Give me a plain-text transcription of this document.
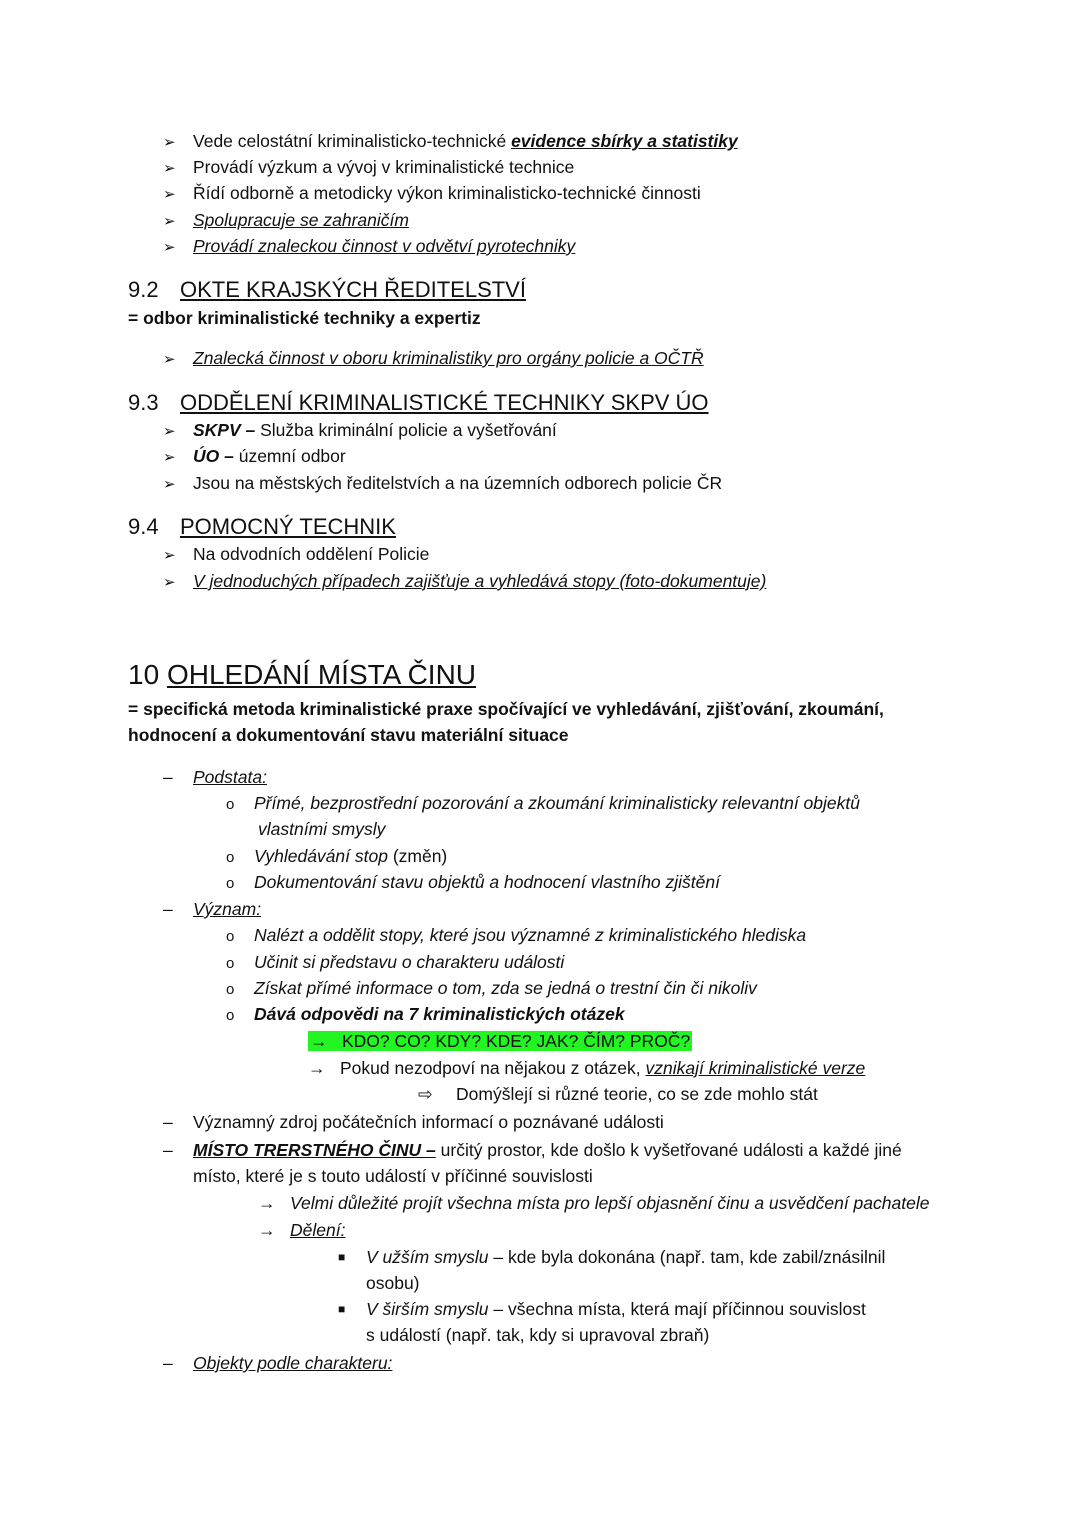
➢ Vede celostátní kriminalisticko-technické evidence sbírky a statistiky
➢ Provádí výzkum a vývoj v kriminalistické technice
➢ Řídí odborně a metodicky výkon kriminalisticko-technické činnosti
➢ Spolupracuje se zahraničím
➢ Provádí znaleckou činnost v odvětví pyrotechniky
9.2 OKTE KRAJSKÝCH ŘEDITELSTVÍ
= odbor kriminalistické techniky a expertiz
➢ Znalecká činnost v oboru kriminalistiky pro orgány policie a OČTŘ
9.3 ODDĚLENÍ KRIMINALISTICKÉ TECHNIKY SKPV ÚO
➢ SKPV – Služba kriminální policie a vyšetřování
➢ ÚO – územní odbor
➢ Jsou na městských ředitelstvích a na územních odborech policie ČR
9.4 POMOCNÝ TECHNIK
➢ Na odvodních oddělení Policie
➢ V jednoduchých případech zajišťuje a vyhledává stopy (foto-dokumentuje)
10 OHLEDÁNÍ MÍSTA ČINU
= specifická metoda kriminalistické praxe spočívající ve vyhledávání, zjišťování, zkoumání,
hodnocení a dokumentování stavu materiální situace
– Podstata:
o Přímé, bezprostřední pozorování a zkoumání kriminalisticky relevantní objektů
vlastními smysly
o Vyhledávání stop (změn)
o Dokumentování stavu objektů a hodnocení vlastního zjištění
– Význam:
o Nalézt a oddělit stopy, které jsou významné z kriminalistického hlediska
o Učinit si představu o charakteru události
o Získat přímé informace o tom, zda se jedná o trestní čin či nikoliv
o Dává odpovědi na 7 kriminalistických otázek
→ KDO? CO? KDY? KDE? JAK? ČÍM? PROČ?
→ Pokud nezodpoví na nějakou z otázek, vznikají kriminalistické verze
⇨ Domýšlejí si různé teorie, co se zde mohlo stát
– Významný zdroj počátečních informací o poznávané události
– MÍSTO TRERSTNÉHO ČINU – určitý prostor, kde došlo k vyšetřované události a každé jiné
místo, které je s touto událostí v příčinné souvislosti
→ Velmi důležité projít všechna místa pro lepší objasnění činu a usvědčení pachatele
→ Dělení:
■ V užším smyslu – kde byla dokonána (např. tam, kde zabil/znásilnil
osobu)
■ V širším smyslu – všechna místa, která mají příčinnou souvislost
s událostí (např. tak, kdy si upravoval zbraň)
– Objekty podle charakteru:
